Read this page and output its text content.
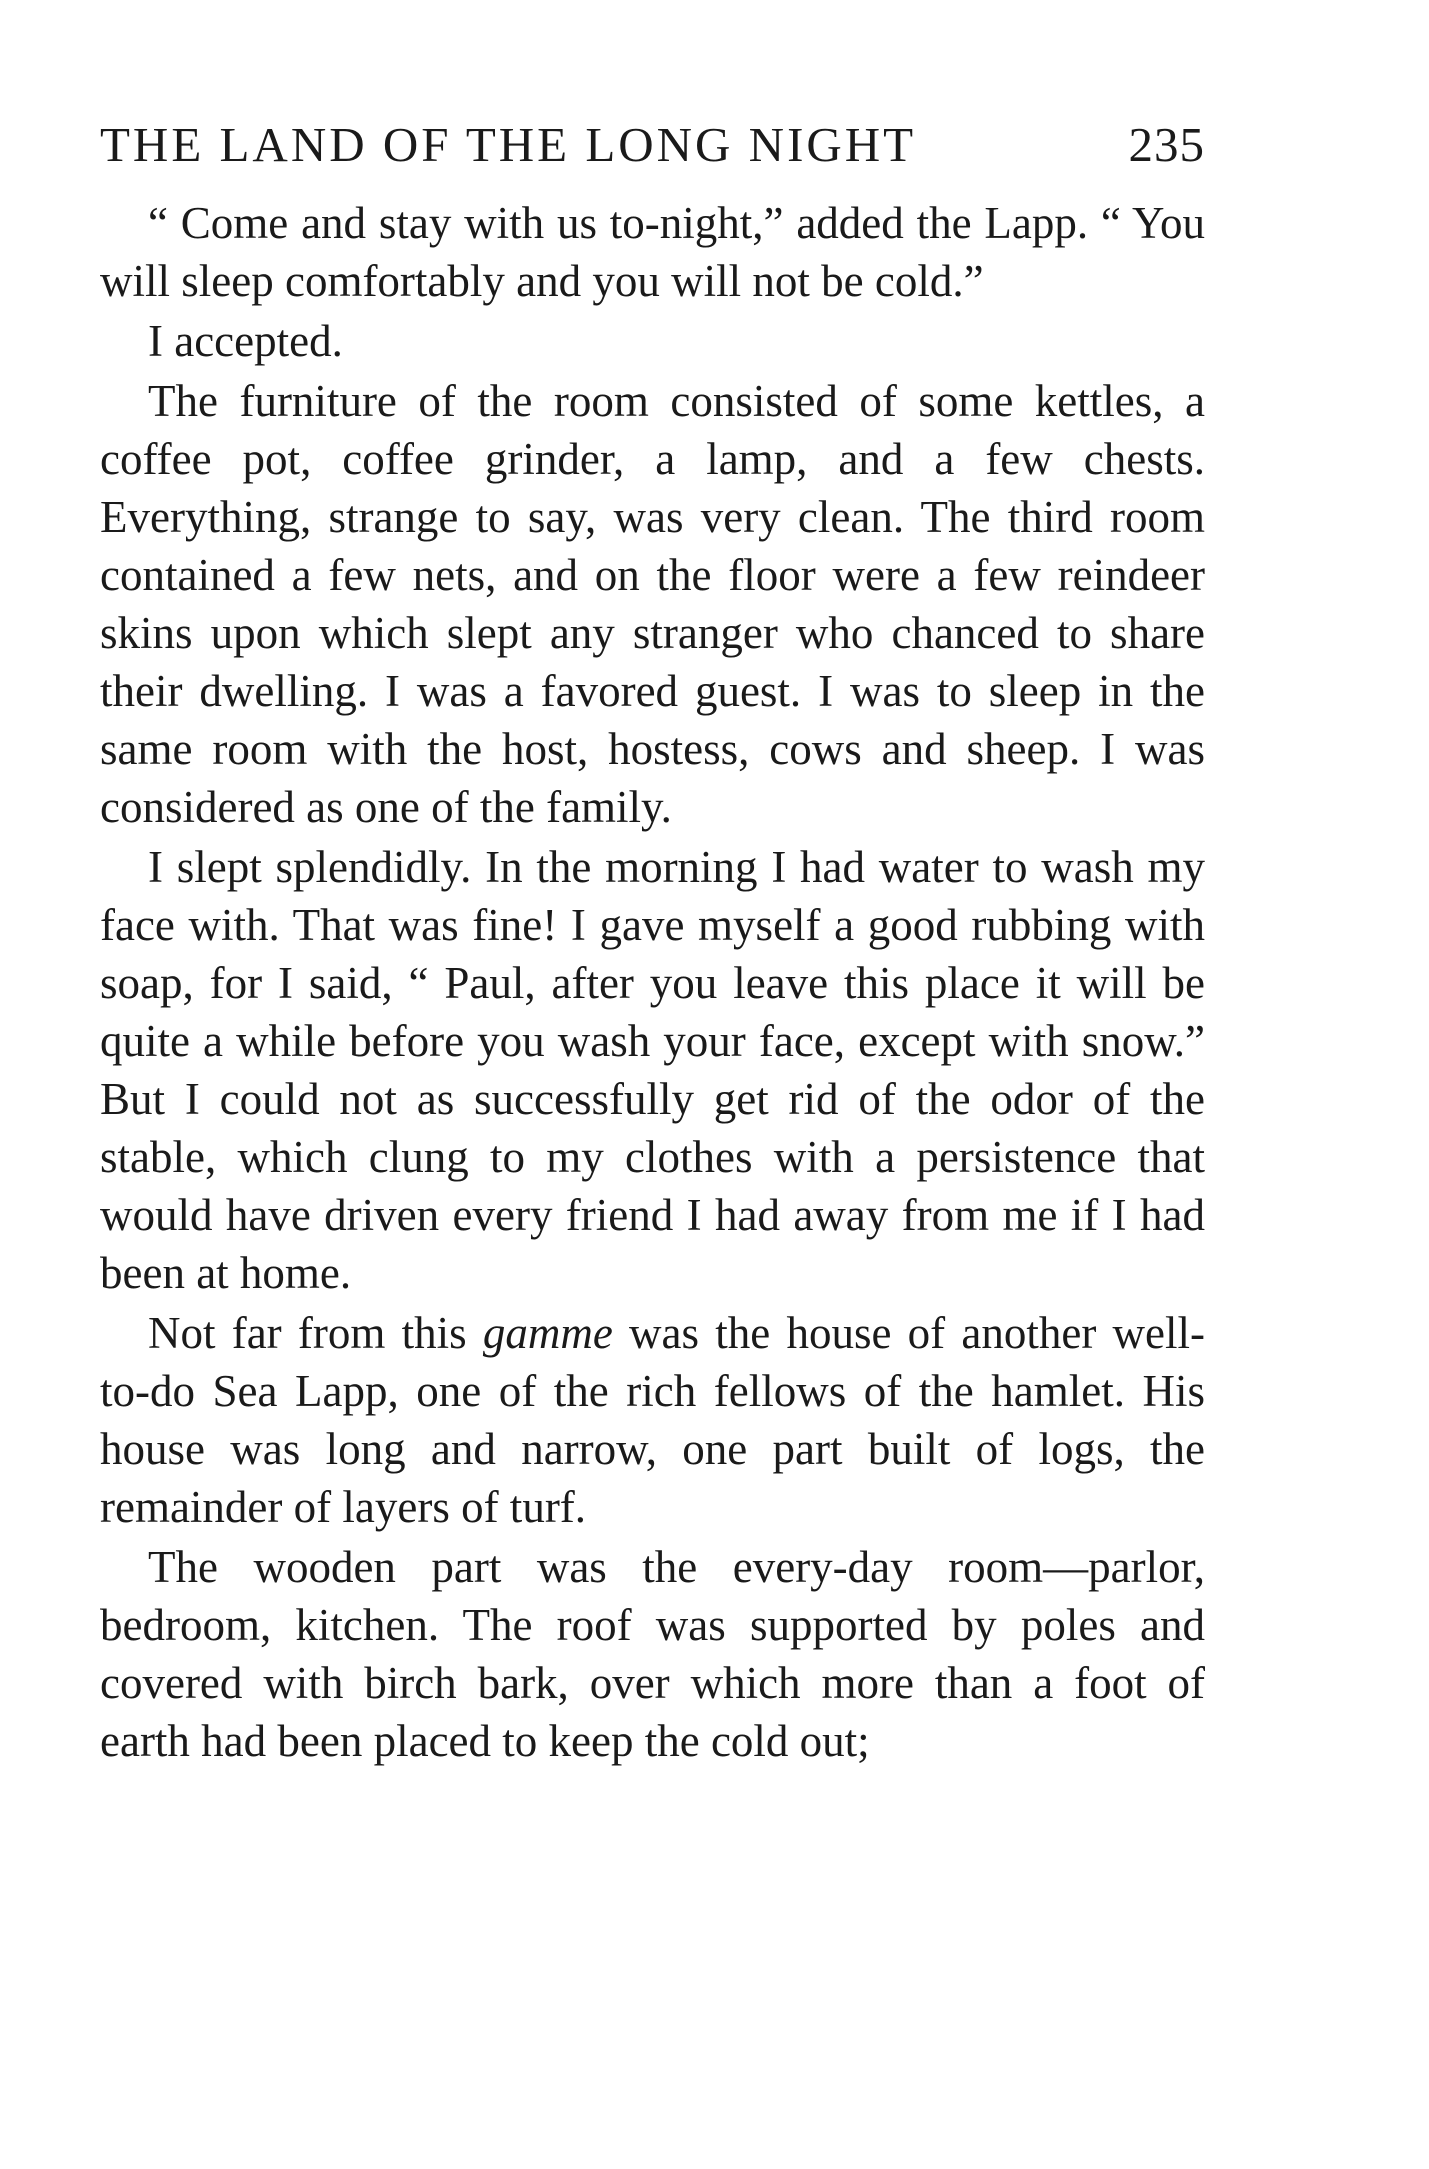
THE LAND OF THE LONG NIGHT	235

“ Come and stay with us to-night,” added the Lapp. “ You will sleep comfortably and you will not be cold.”

I accepted.

The furniture of the room consisted of some kettles, a coffee pot, coffee grinder, a lamp, and a few chests. Everything, strange to say, was very clean. The third room contained a few nets, and on the floor were a few reindeer skins upon which slept any stranger who chanced to share their dwelling. I was a favored guest. I was to sleep in the same room with the host, hostess, cows and sheep. I was considered as one of the family.

I slept splendidly. In the morning I had water to wash my face with. That was fine! I gave myself a good rubbing with soap, for I said, “ Paul, after you leave this place it will be quite a while before you wash your face, except with snow.” But I could not as successfully get rid of the odor of the stable, which clung to my clothes with a persistence that would have driven every friend I had away from me if I had been at home.

Not far from this gamme was the house of another well-to-do Sea Lapp, one of the rich fellows of the hamlet. His house was long and narrow, one part built of logs, the remainder of layers of turf.

The wooden part was the every-day room—parlor, bedroom, kitchen. The roof was supported by poles and covered with birch bark, over which more than a foot of earth had been placed to keep the cold out;
